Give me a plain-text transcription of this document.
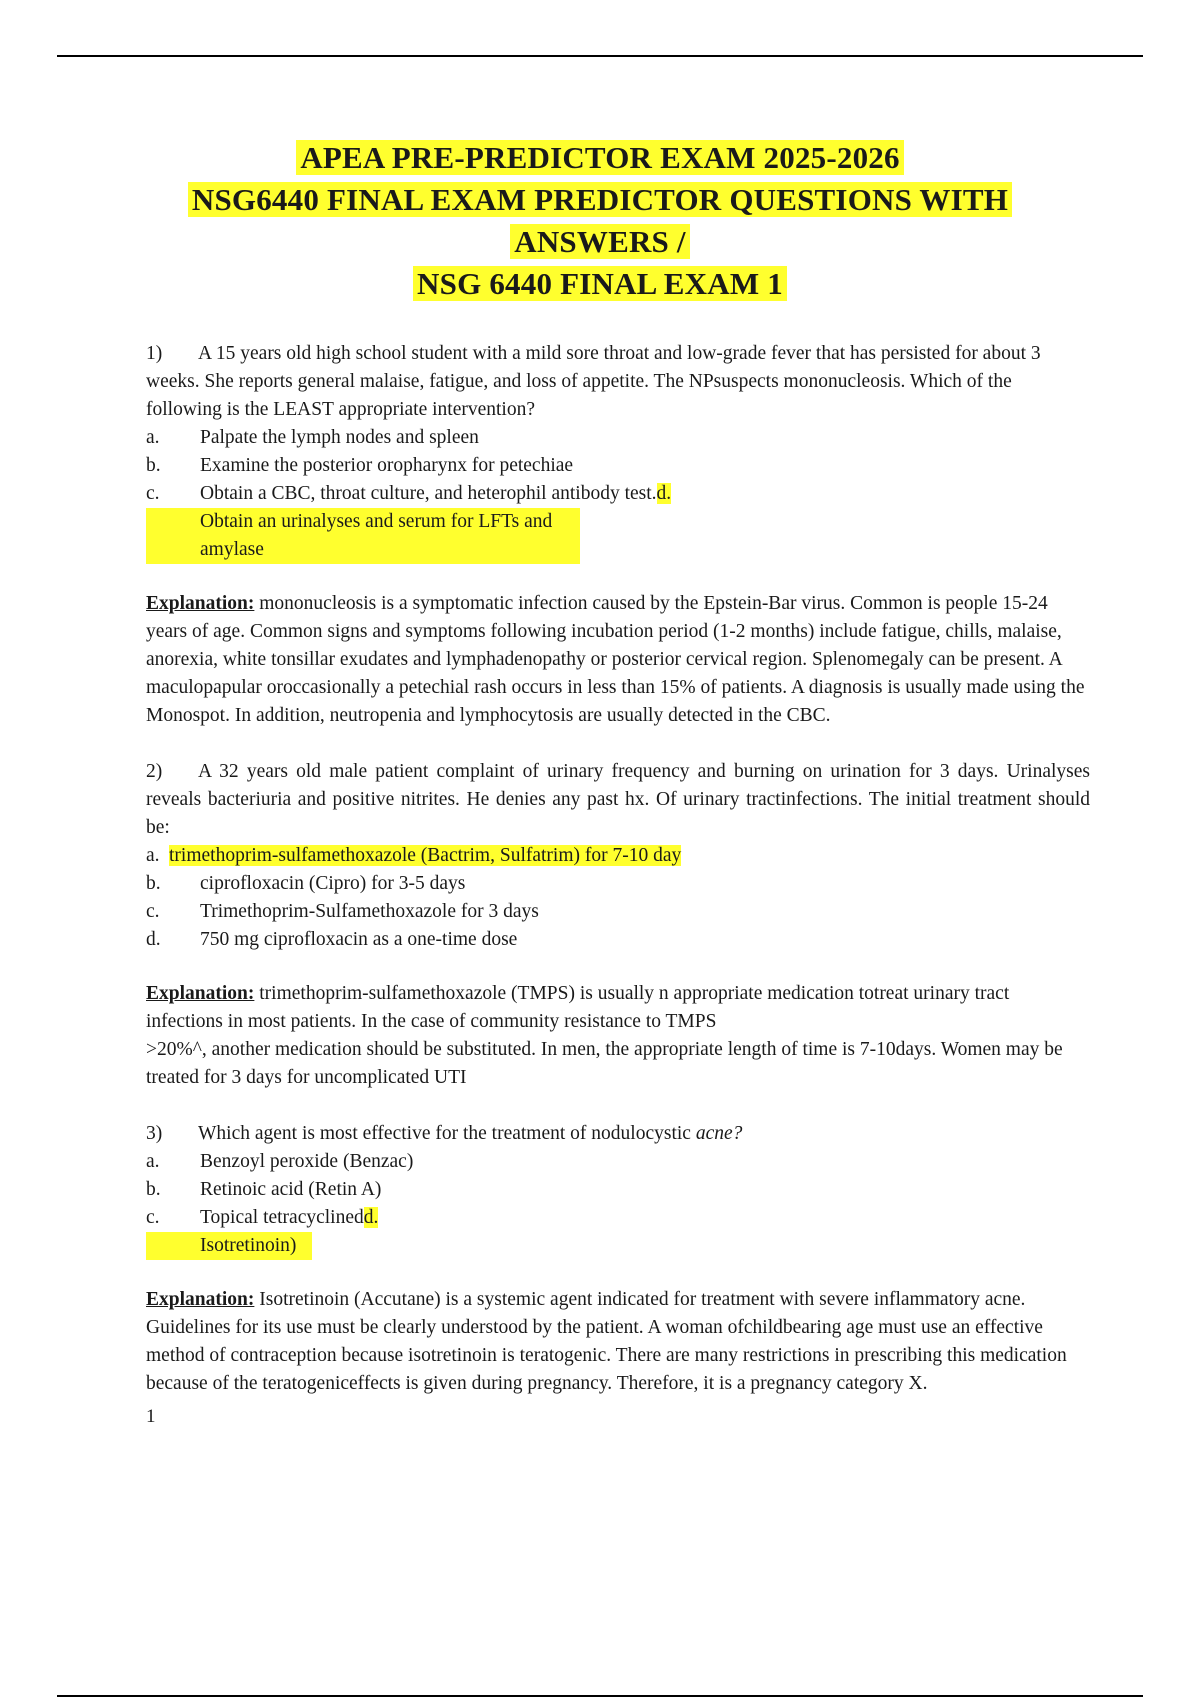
APEA PRE-PREDICTOR EXAM 2025-2026
NSG6440 FINAL EXAM PREDICTOR QUESTIONS WITH
ANSWERS /
NSG 6440 FINAL EXAM 1

1) A 15 years old high school student with a mild sore throat and low-grade fever that has persisted for about 3 weeks. She reports general malaise, fatigue, and loss of appetite. The NPsuspects mononucleosis. Which of the following is the LEAST appropriate intervention?

a.	Palpate the lymph nodes and spleen
b.	Examine the posterior oropharynx for petechiae
c.	Obtain a CBC, throat culture, and heterophil antibody test.d.
Obtain an urinalyses and serum for LFTs and amylase

Explanation: mononucleosis is a symptomatic infection caused by the Epstein-Bar virus. Common is people 15-24 years of age. Common signs and symptoms following incubation period (1-2 months) include fatigue, chills, malaise, anorexia, white tonsillar exudates and lymphadenopathy or posterior cervical region. Splenomegaly can be present. A maculopapular oroccasionally a petechial rash occurs in less than 15% of patients. A diagnosis is usually made using the Monospot. In addition, neutropenia and lymphocytosis are usually detected in the CBC.

2) A 32 years old male patient complaint of urinary frequency and burning on urination for 3 days. Urinalyses reveals bacteriuria and positive nitrites. He denies any past hx. Of urinary tractinfections. The initial treatment should be:

a. trimethoprim-sulfamethoxazole (Bactrim, Sulfatrim) for 7-10 day
b.	ciprofloxacin (Cipro) for 3-5 days
c.	Trimethoprim-Sulfamethoxazole for 3 days
d.	750 mg ciprofloxacin as a one-time dose

Explanation: trimethoprim-sulfamethoxazole (TMPS) is usually n appropriate medication totreat urinary tract infections in most patients. In the case of community resistance to TMPS
>20%^, another medication should be substituted. In men, the appropriate length of time is 7-10days. Women may be treated for 3 days for uncomplicated UTI

3) Which agent is most effective for the treatment of nodulocystic acne?

a.	Benzoyl peroxide (Benzac)
b.	Retinoic acid (Retin A)
c.	Topical tetracyclinedd.
Isotretinoin)

Explanation: Isotretinoin (Accutane) is a systemic agent indicated for treatment with severe inflammatory acne. Guidelines for its use must be clearly understood by the patient. A woman ofchildbearing age must use an effective method of contraception because isotretinoin is teratogenic. There are many restrictions in prescribing this medication because of the teratogeniceffects is given during pregnancy. Therefore, it is a pregnancy category X.

1
